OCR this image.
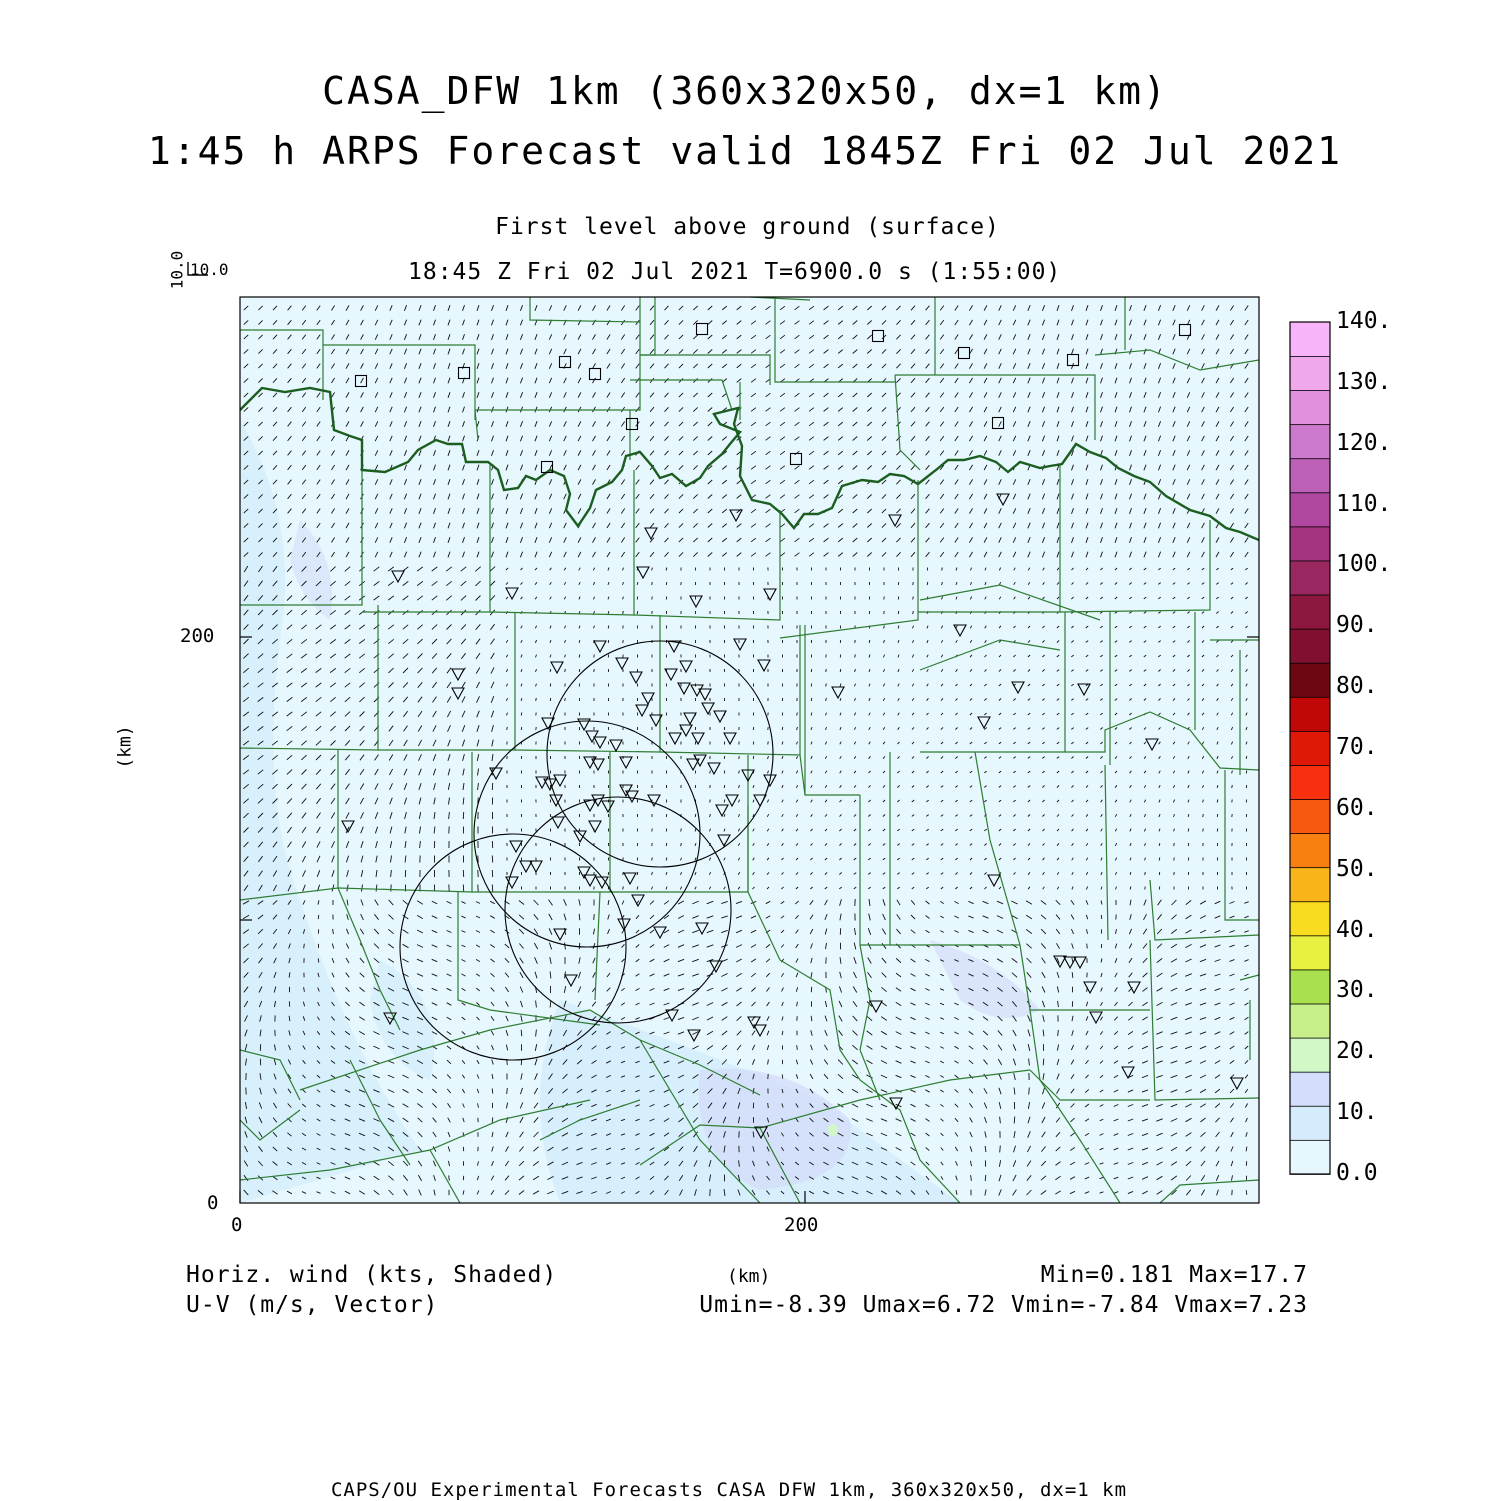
CASA_DFW 1km (360x320x50, dx=1 km)
1:45 h ARPS Forecast valid 1845Z Fri 02 Jul 2021
First level above ground (surface)
18:45 Z Fri 02 Jul 2021 T=6900.0 s (1:55:00)
10.0 10.0
(km)
(km)
0	200
0
200
0.0
10.
20.
30.
40.
50.
60.
70.
80.
90.
100.
110.
120.
130.
140.
Horiz. wind (kts, Shaded)
U-V (m/s, Vector)
Min=0.181 Max=17.7
Umin=-8.39 Umax=6.72 Vmin=-7.84 Vmax=7.23
CAPS/OU Experimental Forecasts CASA DFW 1km, 360x320x50, dx=1 km
